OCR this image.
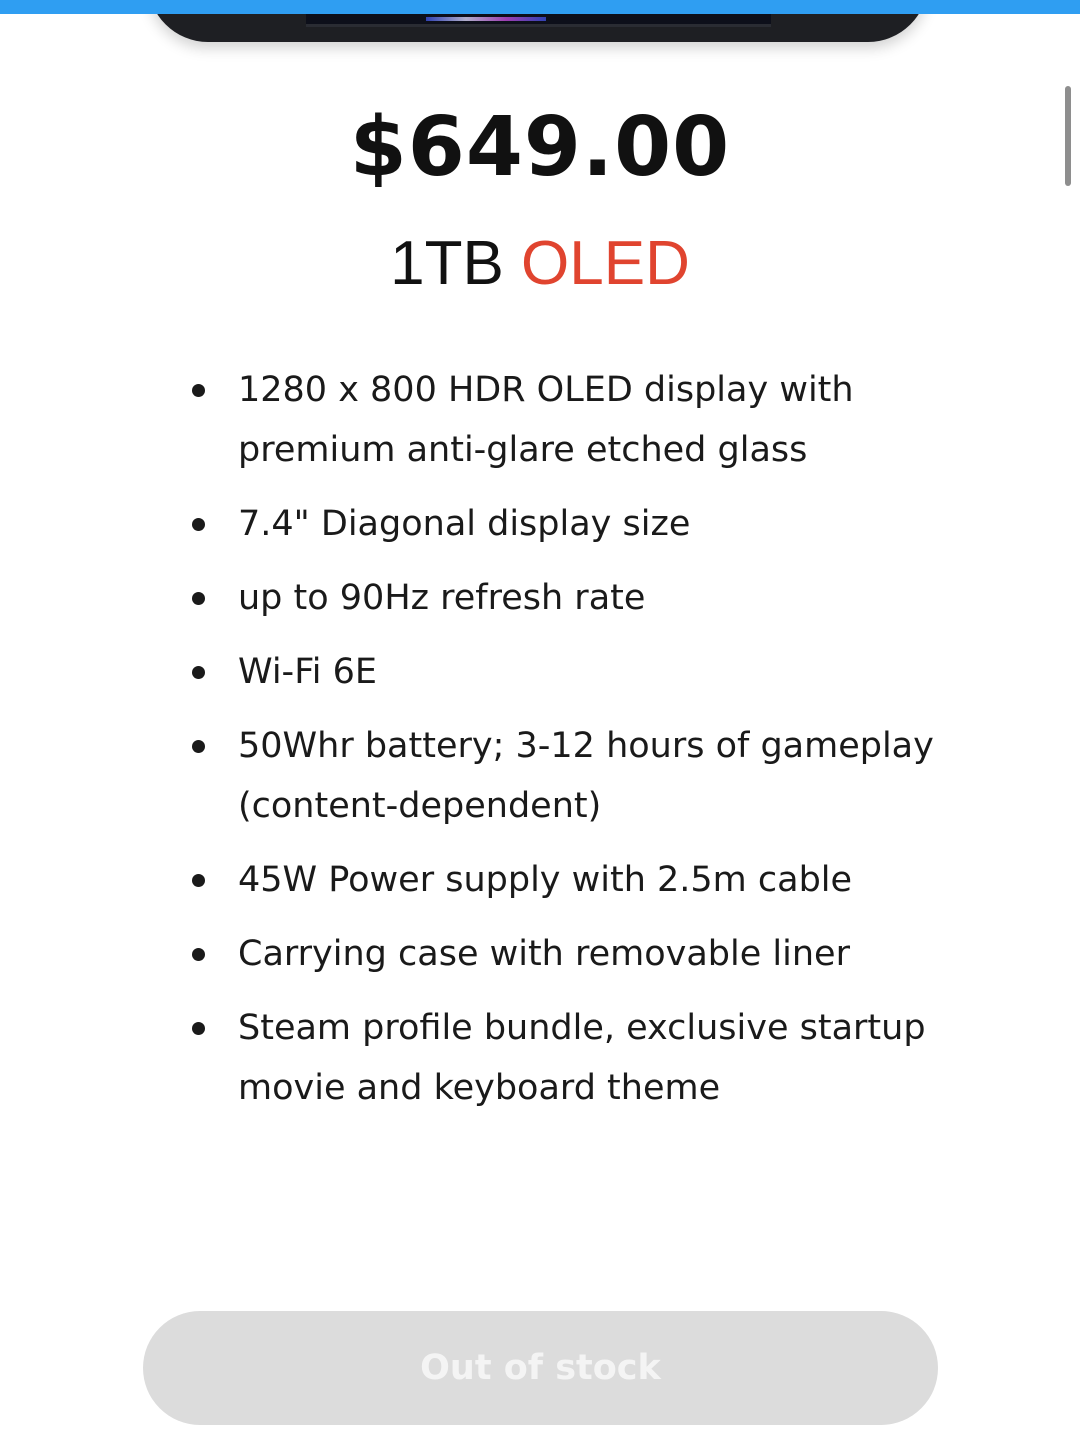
$649.00
1TB OLED
1280 x 800 HDR OLED display with premium anti-glare etched glass
7.4" Diagonal display size
up to 90Hz refresh rate
Wi-Fi 6E
50Whr battery; 3-12 hours of gameplay (content-dependent)
45W Power supply with 2.5m cable
Carrying case with removable liner
Steam profile bundle, exclusive startup movie and keyboard theme
Out of stock
